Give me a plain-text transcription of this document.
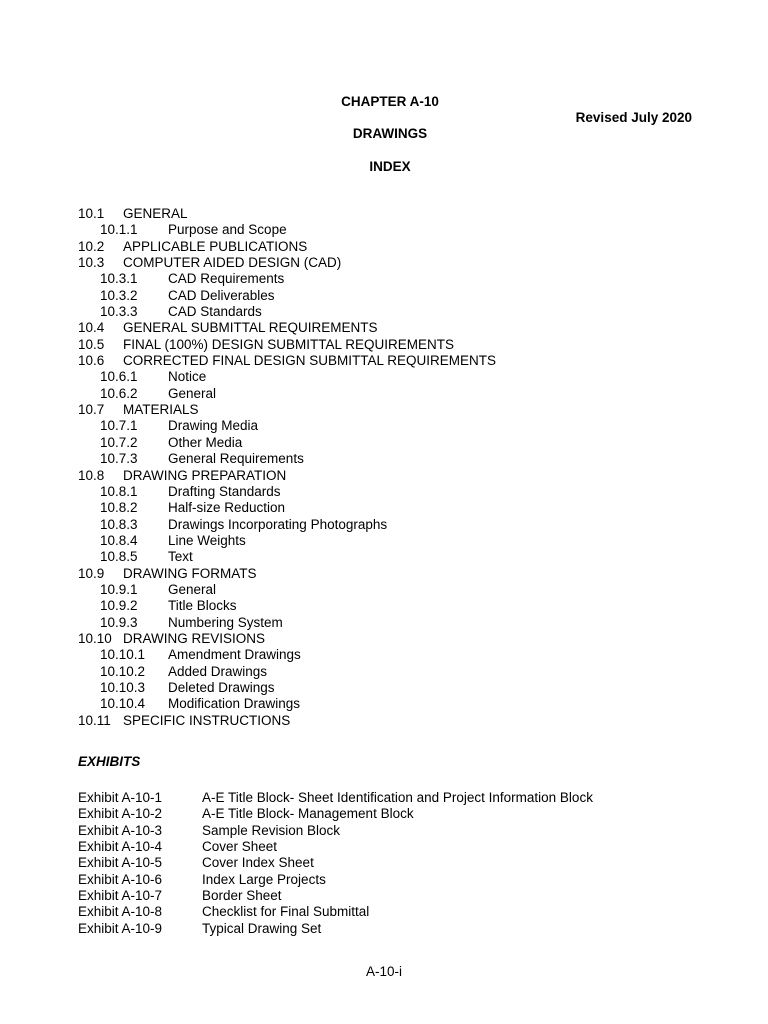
CHAPTER A-10
Revised July 2020
DRAWINGS
INDEX
10.1 GENERAL
10.1.1 Purpose and Scope
10.2 APPLICABLE PUBLICATIONS
10.3 COMPUTER AIDED DESIGN (CAD)
10.3.1 CAD Requirements
10.3.2 CAD Deliverables
10.3.3 CAD Standards
10.4 GENERAL SUBMITTAL REQUIREMENTS
10.5 FINAL (100%) DESIGN SUBMITTAL REQUIREMENTS
10.6 CORRECTED FINAL DESIGN SUBMITTAL REQUIREMENTS
10.6.1 Notice
10.6.2 General
10.7 MATERIALS
10.7.1 Drawing Media
10.7.2 Other Media
10.7.3 General Requirements
10.8 DRAWING PREPARATION
10.8.1 Drafting Standards
10.8.2 Half-size Reduction
10.8.3 Drawings Incorporating Photographs
10.8.4 Line Weights
10.8.5 Text
10.9 DRAWING FORMATS
10.9.1 General
10.9.2 Title Blocks
10.9.3 Numbering System
10.10 DRAWING REVISIONS
10.10.1 Amendment Drawings
10.10.2 Added Drawings
10.10.3 Deleted Drawings
10.10.4 Modification Drawings
10.11 SPECIFIC INSTRUCTIONS
EXHIBITS
Exhibit A-10-1	A-E Title Block- Sheet Identification and Project Information Block
Exhibit A-10-2	A-E Title Block- Management Block
Exhibit A-10-3	Sample Revision Block
Exhibit A-10-4	Cover Sheet
Exhibit A-10-5	Cover Index Sheet
Exhibit A-10-6	Index Large Projects
Exhibit A-10-7	Border Sheet
Exhibit A-10-8	Checklist for Final Submittal
Exhibit A-10-9	Typical Drawing Set
A-10-i
